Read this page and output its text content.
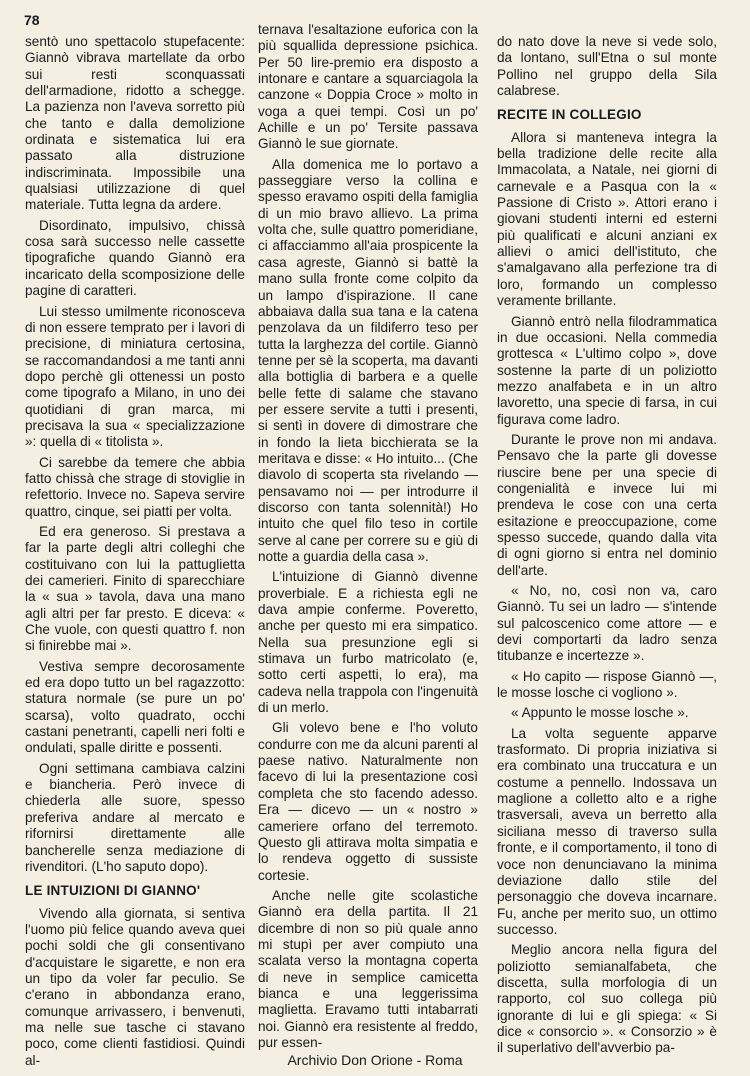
78

sentò uno spettacolo stupefacente: Giannò vibrava martellate da orbo sui resti sconquassati dell'armadione, ridotto a schegge. La pazienza non l'aveva sorretto più che tanto e dalla demolizione ordinata e sistematica lui era passato alla distruzione indiscriminata. Impossibile una qualsiasi utilizzazione di quel materiale. Tutta legna da ardere.

Disordinato, impulsivo, chissà cosa sarà successo nelle cassette tipografiche quando Giannò era incaricato della scomposizione delle pagine di caratteri.

Lui stesso umilmente riconosceva di non essere temprato per i lavori di precisione, di miniatura certosina, se raccomandandosi a me tanti anni dopo perchè gli ottenessi un posto come tipografo a Milano, in uno dei quotidiani di gran marca, mi precisava la sua « specializzazione »: quella di « titolista ».

Ci sarebbe da temere che abbia fatto chissà che strage di stoviglie in refettorio. Invece no. Sapeva servire quattro, cinque, sei piatti per volta.

Ed era generoso. Si prestava a far la parte degli altri colleghi che costituivano con lui la pattuglietta dei camerieri. Finito di sparecchiare la « sua » tavola, dava una mano agli altri per far presto. E diceva: « Che vuole, con questi quattro f. non si finirebbe mai ».

Vestiva sempre decorosamente ed era dopo tutto un bel ragazzotto: statura normale (se pure un po' scarsa), volto quadrato, occhi castani penetranti, capelli neri folti e ondulati, spalle diritte e possenti.

Ogni settimana cambiava calzini e biancheria. Però invece di chiederla alle suore, spesso preferiva andare al mercato e rifornirsi direttamente alle bancherelle senza mediazione di rivenditori. (L'ho saputo dopo).

LE INTUIZIONI DI GIANNO'

Vivendo alla giornata, si sentiva l'uomo più felice quando aveva quei pochi soldi che gli consentivano d'acquistare le sigarette, e non era un tipo da voler far peculio. Se c'erano in abbondanza erano, comunque arrivassero, i benvenuti, ma nelle sue tasche ci stavano poco, come clienti fastidiosi. Quindi al-

ternava l'esaltazione euforica con la più squallida depressione psichica. Per 50 lire-premio era disposto a intonare e cantare a squarciagola la canzone « Doppia Croce » molto in voga a quei tempi. Così un po' Achille e un po' Tersite passava Giannò le sue giornate.

Alla domenica me lo portavo a passeggiare verso la collina e spesso eravamo ospiti della famiglia di un mio bravo allievo. La prima volta che, sulle quattro pomeridiane, ci affacciammo all'aia prospicente la casa agreste, Giannò si battè la mano sulla fronte come colpito da un lampo d'ispirazione. Il cane abbaiava dalla sua tana e la catena penzolava da un fildiferro teso per tutta la larghezza del cortile. Giannò tenne per sè la scoperta, ma davanti alla bottiglia di barbera e a quelle belle fette di salame che stavano per essere servite a tutti i presenti, si sentì in dovere di dimostrare che in fondo la lieta bicchierata se la meritava e disse: « Ho intuito... (Che diavolo di scoperta sta rivelando — pensavamo noi — per introdurre il discorso con tanta solennità!) Ho intuito che quel filo teso in cortile serve al cane per correre su e giù di notte a guardia della casa ».

L'intuizione di Giannò divenne proverbiale. E a richiesta egli ne dava ampie conferme. Poveretto, anche per questo mi era simpatico. Nella sua presunzione egli si stimava un furbo matricolato (e, sotto certi aspetti, lo era), ma cadeva nella trappola con l'ingenuità di un merlo.

Gli volevo bene e l'ho voluto condurre con me da alcuni parenti al paese nativo. Naturalmente non facevo di lui la presentazione così completa che sto facendo adesso. Era — dicevo — un « nostro » cameriere orfano del terremoto. Questo gli attirava molta simpatia e lo rendeva oggetto di sussiste cortesie.

Anche nelle gite scolastiche Giannò era della partita. Il 21 dicembre di non so più quale anno mi stupì per aver compiuto una scalata verso la montagna coperta di neve in semplice camicetta bianca e una leggerissima maglietta. Eravamo tutti intabarrati noi. Giannò era resistente al freddo, pur essen-

do nato dove la neve si vede solo, da lontano, sull'Etna o sul monte Pollino nel gruppo della Sila calabrese.

RECITE IN COLLEGIO

Allora si manteneva integra la bella tradizione delle recite alla Immacolata, a Natale, nei giorni di carnevale e a Pasqua con la « Passione di Cristo ». Attori erano i giovani studenti interni ed esterni più qualificati e alcuni anziani ex allievi o amici dell'istituto, che s'amalgavano alla perfezione tra di loro, formando un complesso veramente brillante.

Giannò entrò nella filodrammatica in due occasioni. Nella commedia grottesca « L'ultimo colpo », dove sostenne la parte di un poliziotto mezzo analfabeta e in un altro lavoretto, una specie di farsa, in cui figurava come ladro.

Durante le prove non mi andava. Pensavo che la parte gli dovesse riuscire bene per una specie di congenialità e invece lui mi prendeva le cose con una certa esitazione e preoccupazione, come spesso succede, quando dalla vita di ogni giorno si entra nel dominio dell'arte.

« No, no, così non va, caro Giannò. Tu sei un ladro — s'intende sul palcoscenico come attore — e devi comportarti da ladro senza titubanze e incertezze ».

« Ho capito — rispose Giannò —, le mosse losche ci vogliono ».

« Appunto le mosse losche ».

La volta seguente apparve trasformato. Di propria iniziativa si era combinato una truccatura e un costume a pennello. Indossava un maglione a colletto alto e a righe trasversali, aveva un berretto alla siciliana messo di traverso sulla fronte, e il comportamento, il tono di voce non denunciavano la minima deviazione dallo stile del personaggio che doveva incarnare. Fu, anche per merito suo, un ottimo successo.

Meglio ancora nella figura del poliziotto semianalfabeta, che discetta, sulla morfologia di un rapporto, col suo collega più ignorante di lui e gli spiega: « Si dice « consorcio ». « Consorzio » è il superlativo dell'avverbio pa-

Archivio Don Orione - Roma
